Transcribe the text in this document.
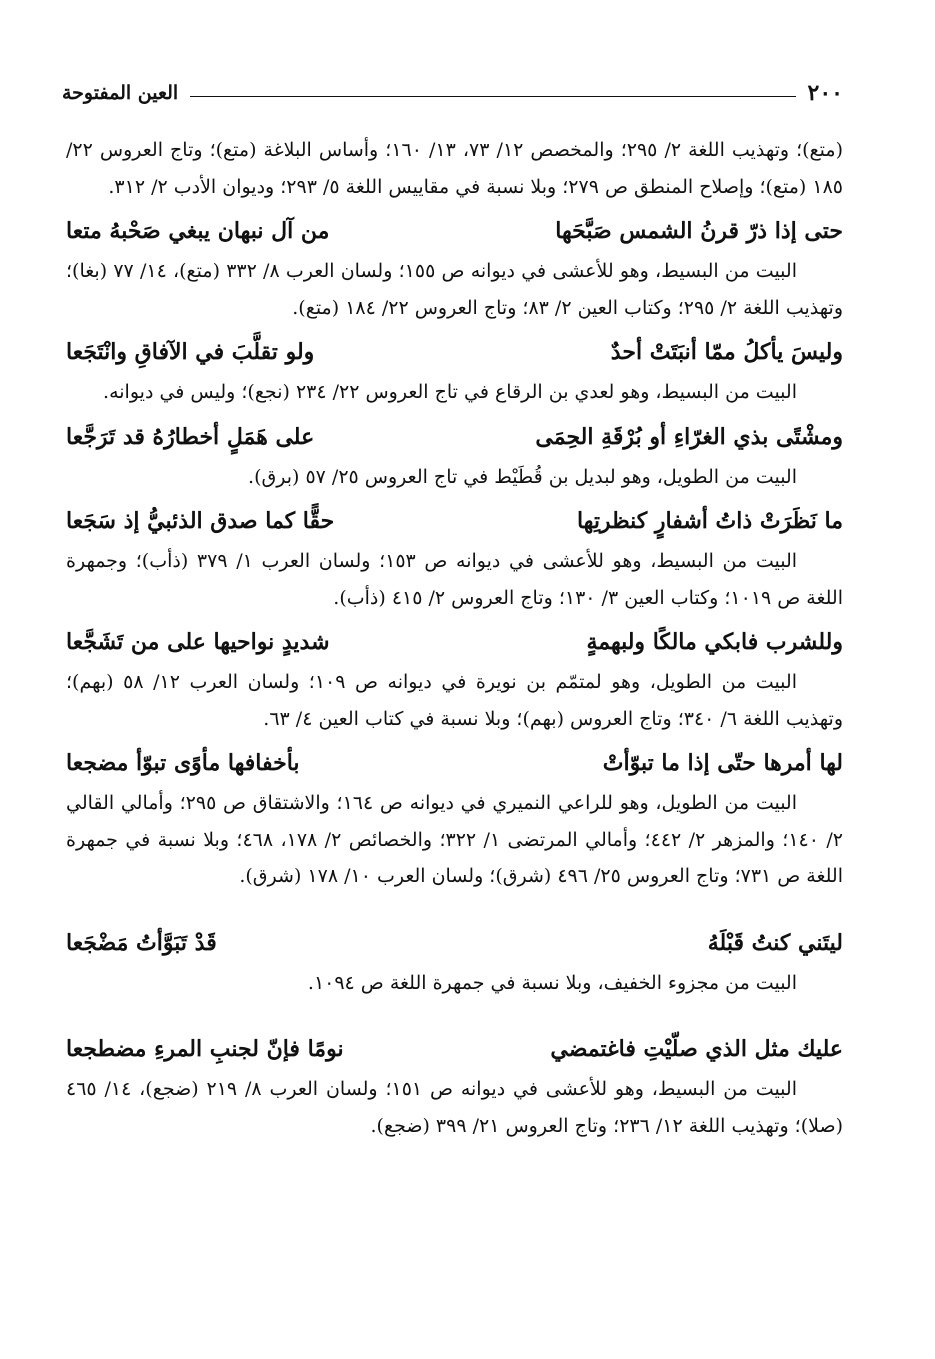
٢٠٠
العين المفتوحة

(متع)؛ وتهذيب اللغة ٢/ ٢٩٥؛ والمخصص ١٢/ ٧٣، ١٣/ ١٦٠؛ وأساس البلاغة (متع)؛ وتاج العروس ٢٢/ ١٨٥ (متع)؛ وإصلاح المنطق ص ٢٧٩؛ وبلا نسبة في مقاييس اللغة ٥/ ٢٩٣؛ وديوان الأدب ٢/ ٣١٢.

حتى إذا ذرّ قرنُ الشمس صَبَّحَها
من آل نبهان يبغي صَحْبهُ متعا

البيت من البسيط، وهو للأعشى في ديوانه ص ١٥٥؛ ولسان العرب ٨/ ٣٣٢ (متع)، ١٤/ ٧٧ (بغا)؛ وتهذيب اللغة ٢/ ٢٩٥؛ وكتاب العين ٢/ ٨٣؛ وتاج العروس ٢٢/ ١٨٤ (متع).

وليسَ يأكلُ ممّا أنبَتَتْ أحدٌ
ولو تقلَّبَ في الآفاقِ وانْتَجَعا

البيت من البسيط، وهو لعدي بن الرقاع في تاج العروس ٢٢/ ٢٣٤ (نجع)؛ وليس في ديوانه.

ومشْتًى بذي الغرّاءِ أو بُرْقَةِ الحِمَى
على هَمَلٍ أخطارُهُ قد تَرَجَّعا

البيت من الطويل، وهو لبديل بن قُطَيْط في تاج العروس ٢٥/ ٥٧ (برق).

ما نَظَرَتْ ذاتُ أشفارٍ كنظرتِها
حقًّا كما صدق الذئبيُّ إذ سَجَعا

البيت من البسيط، وهو للأعشى في ديوانه ص ١٥٣؛ ولسان العرب ١/ ٣٧٩ (ذأب)؛ وجمهرة اللغة ص ١٠١٩؛ وكتاب العين ٣/ ١٣٠؛ وتاج العروس ٢/ ٤١٥ (ذأب).

وللشرب فابكي مالكًا ولبهمةٍ
شديدٍ نواحيها على من تَشَجَّعا

البيت من الطويل، وهو لمتمّم بن نويرة في ديوانه ص ١٠٩؛ ولسان العرب ١٢/ ٥٨ (بهم)؛ وتهذيب اللغة ٦/ ٣٤٠؛ وتاج العروس (بهم)؛ وبلا نسبة في كتاب العين ٤/ ٦٣.

لها أمرها حتّى إذا ما تبوّأتْ
بأخفافها مأوًى تبوّأ مضجعا

البيت من الطويل، وهو للراعي النميري في ديوانه ص ١٦٤؛ والاشتقاق ص ٢٩٥؛ وأمالي القالي ٢/ ١٤٠؛ والمزهر ٢/ ٤٤٢؛ وأمالي المرتضى ١/ ٣٢٢؛ والخصائص ٢/ ١٧٨، ٤٦٨؛ وبلا نسبة في جمهرة اللغة ص ٧٣١؛ وتاج العروس ٢٥/ ٤٩٦ (شرق)؛ ولسان العرب ١٠/ ١٧٨ (شرق).

ليتَني كنتُ قَبْلَهُ
قَدْ تَبَوَّأتُ مَضْجَعا

البيت من مجزوء الخفيف، وبلا نسبة في جمهرة اللغة ص ١٠٩٤.

عليك مثل الذي صلّيْتِ فاغتمضي
نومًا فإنّ لجنبِ المرءِ مضطجعا

البيت من البسيط، وهو للأعشى في ديوانه ص ١٥١؛ ولسان العرب ٨/ ٢١٩ (ضجع)، ١٤/ ٤٦٥ (صلا)؛ وتهذيب اللغة ١٢/ ٢٣٦؛ وتاج العروس ٢١/ ٣٩٩ (ضجع).
